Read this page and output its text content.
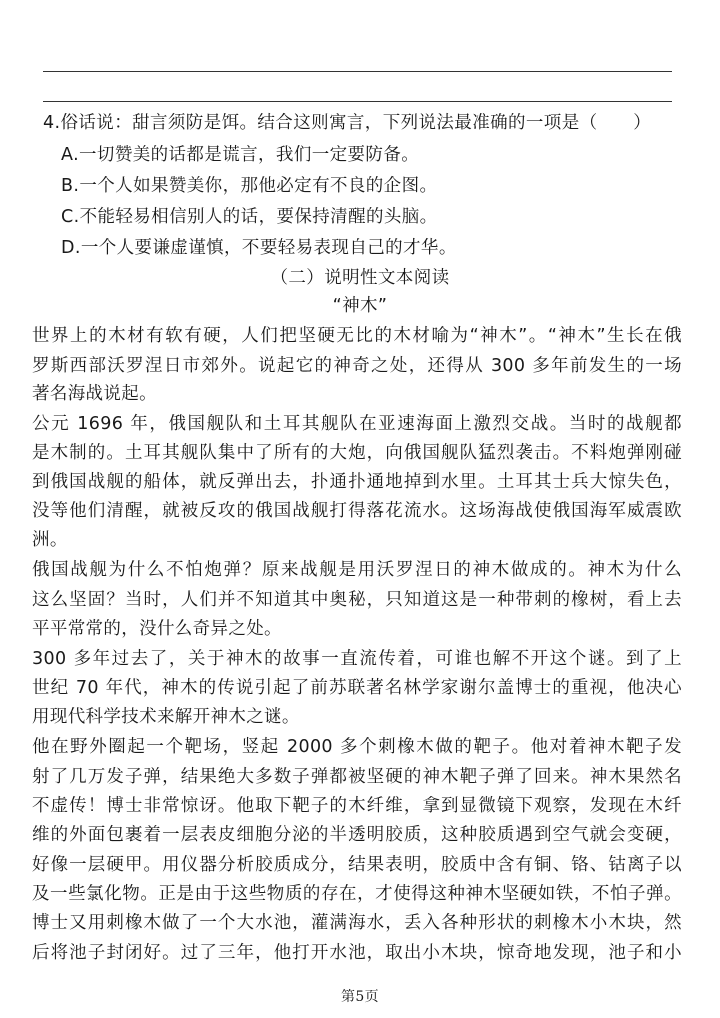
4.俗话说：甜言须防是饵。结合这则寓言，下列说法最准确的一项是（　　）
A.一切赞美的话都是谎言，我们一定要防备。
B.一个人如果赞美你，那他必定有不良的企图。
C.不能轻易相信别人的话，要保持清醒的头脑。
D.一个人要谦虚谨慎，不要轻易表现自己的才华。
（二）说明性文本阅读
“神木”
世界上的木材有软有硬，人们把坚硬无比的木材喻为“神木”。“神木”生长在俄
罗斯西部沃罗涅日市郊外。说起它的神奇之处，还得从 300 多年前发生的一场
著名海战说起。
公元 1696 年，俄国舰队和土耳其舰队在亚速海面上激烈交战。当时的战舰都
是木制的。土耳其舰队集中了所有的大炮，向俄国舰队猛烈袭击。不料炮弹刚碰
到俄国战舰的船体，就反弹出去，扑通扑通地掉到水里。土耳其士兵大惊失色，
没等他们清醒，就被反攻的俄国战舰打得落花流水。这场海战使俄国海军威震欧
洲。
俄国战舰为什么不怕炮弹？原来战舰是用沃罗涅日的神木做成的。神木为什么
这么坚固？当时，人们并不知道其中奥秘，只知道这是一种带刺的橡树，看上去
平平常常的，没什么奇异之处。
300 多年过去了，关于神木的故事一直流传着，可谁也解不开这个谜。到了上
世纪 70 年代，神木的传说引起了前苏联著名林学家谢尔盖博士的重视，他决心
用现代科学技术来解开神木之谜。
他在野外圈起一个靶场，竖起 2000 多个刺橡木做的靶子。他对着神木靶子发
射了几万发子弹，结果绝大多数子弹都被坚硬的神木靶子弹了回来。神木果然名
不虚传！博士非常惊讶。他取下靶子的木纤维，拿到显微镜下观察，发现在木纤
维的外面包裹着一层表皮细胞分泌的半透明胶质，这种胶质遇到空气就会变硬，
好像一层硬甲。用仪器分析胶质成分，结果表明，胶质中含有铜、铬、钴离子以
及一些氯化物。正是由于这些物质的存在，才使得这种神木坚硬如铁，不怕子弹。
博士又用刺橡木做了一个大水池，灌满海水，丢入各种形状的刺橡木小木块，然
后将池子封闭好。过了三年，他打开水池，取出小木块，惊奇地发现，池子和小
第5页
